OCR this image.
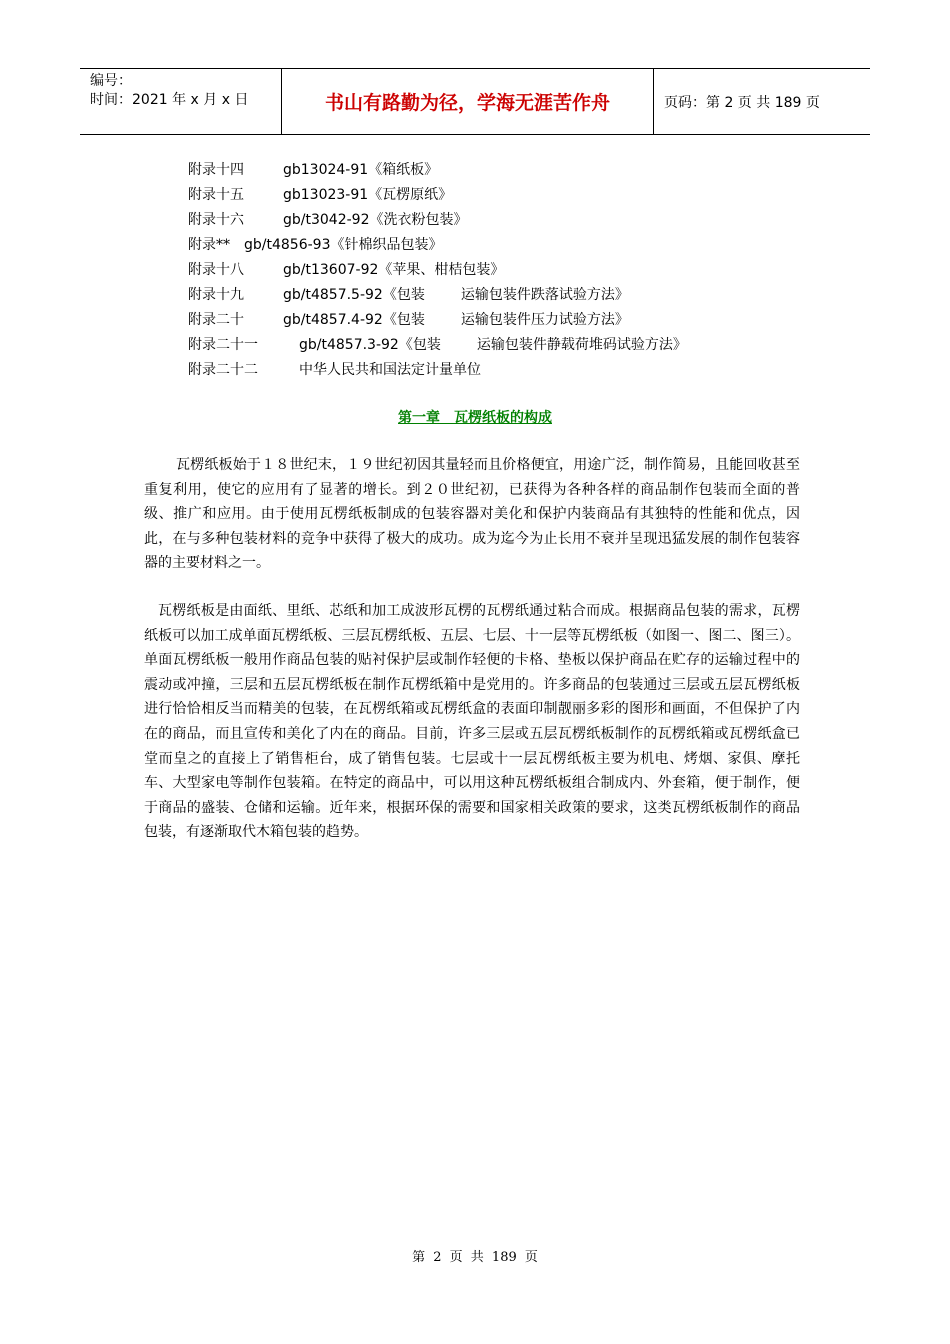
编号：
时间：2021 年 x 月 x 日	书山有路勤为径，学海无涯苦作舟	页码：第 2 页 共 189 页
附录十四	gb13024-91 《箱纸板》
附录十五	gb13023-91 《瓦楞原纸》
附录十六	gb/t3042-92 《洗衣粉包装》
附录**	gb/t4856-93 《针棉织品包装》
附录十八	gb/t13607-92 《苹果、柑桔包装》
附录十九	gb/t4857.5-92 《包装	运输包装件跌落试验方法》
附录二十	gb/t4857.4-92 《包装	运输包装件压力试验方法》
附录二十一	gb/t4857.3-92 《包装	运输包装件静载荷堆码试验方法》
附录二十二	中华人民共和国法定计量单位
第一章　瓦楞纸板的构成

瓦楞纸板始于１８世纪末，１９世纪初因其量轻而且价格便宜，用途广泛，制作简易，且能回收甚至重复利用，使它的应用有了显著的增长。到２０世纪初，已获得为各种各样的商品制作包装而全面的普级、推广和应用。由于使用瓦楞纸板制成的包装容器对美化和保护内装商品有其独特的性能和优点，因此，在与多种包装材料的竞争中获得了极大的成功。成为迄今为止长用不衰并呈现迅猛发展的制作包装容器的主要材料之一。

瓦楞纸板是由面纸、里纸、芯纸和加工成波形瓦楞的瓦楞纸通过粘合而成。根据商品包装的需求，瓦楞纸板可以加工成单面瓦楞纸板、三层瓦楞纸板、五层、七层、十一层等瓦楞纸板（如图一、图二、图三）。单面瓦楞纸板一般用作商品包装的贴衬保护层或制作轻便的卡格、垫板以保护商品在贮存的运输过程中的震动或冲撞，三层和五层瓦楞纸板在制作瓦楞纸箱中是党用的。许多商品的包装通过三层或五层瓦楞纸板进行恰恰相反当而精美的包装，在瓦楞纸箱或瓦楞纸盒的表面印制靓丽多彩的图形和画面，不但保护了内在的商品，而且宣传和美化了内在的商品。目前，许多三层或五层瓦楞纸板制作的瓦楞纸箱或瓦楞纸盒已堂而皇之的直接上了销售柜台，成了销售包装。七层或十一层瓦楞纸板主要为机电、烤烟、家俱、摩托车、大型家电等制作包装箱。在特定的商品中，可以用这种瓦楞纸板组合制成内、外套箱，便于制作，便于商品的盛装、仓储和运输。近年来，根据环保的需要和国家相关政策的要求，这类瓦楞纸板制作的商品包装，有逐渐取代木箱包装的趋势。

第 2 页 共 189 页
